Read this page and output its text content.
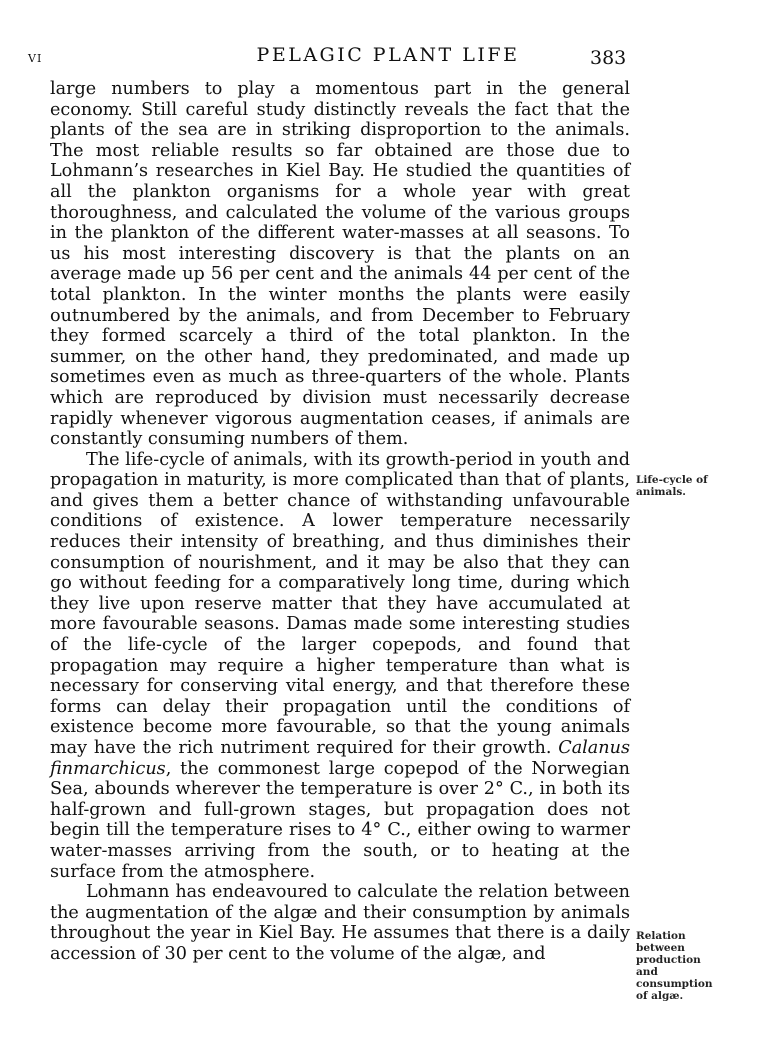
VI	PELAGIC PLANT LIFE	383

large numbers to play a momentous part in the general economy. Still careful study distinctly reveals the fact that the plants of the sea are in striking disproportion to the animals. The most reliable results so far obtained are those due to Lohmann’s researches in Kiel Bay. He studied the quantities of all the plankton organisms for a whole year with great thoroughness, and calculated the volume of the various groups in the plankton of the different water-masses at all seasons. To us his most interesting discovery is that the plants on an average made up 56 per cent and the animals 44 per cent of the total plankton. In the winter months the plants were easily outnumbered by the animals, and from December to February they formed scarcely a third of the total plankton. In the summer, on the other hand, they predominated, and made up sometimes even as much as three-quarters of the whole. Plants which are reproduced by division must necessarily decrease rapidly whenever vigorous augmentation ceases, if animals are constantly consuming numbers of them.

The life-cycle of animals, with its growth-period in youth and propagation in maturity, is more complicated than that of plants, and gives them a better chance of withstanding unfavourable conditions of existence. A lower temperature necessarily reduces their intensity of breathing, and thus diminishes their consumption of nourishment, and it may be also that they can go without feeding for a comparatively long time, during which they live upon reserve matter that they have accumulated at more favourable seasons. Damas made some interesting studies of the life-cycle of the larger copepods, and found that propagation may require a higher temperature than what is necessary for conserving vital energy, and that therefore these forms can delay their propagation until the conditions of existence become more favourable, so that the young animals may have the rich nutriment required for their growth. Calanus finmarchicus, the commonest large copepod of the Norwegian Sea, abounds wherever the temperature is over 2° C., in both its half-grown and full-grown stages, but propagation does not begin till the temperature rises to 4° C., either owing to warmer water-masses arriving from the south, or to heating at the surface from the atmosphere.

Lohmann has endeavoured to calculate the relation between the augmentation of the algæ and their consumption by animals throughout the year in Kiel Bay. He assumes that there is a daily accession of 30 per cent to the volume of the algæ, and

Life-cycle of animals.
Relation between production and consumption of algæ.
